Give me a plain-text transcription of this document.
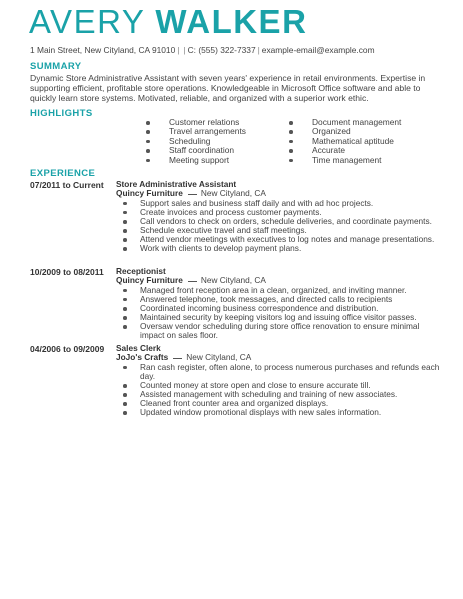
AVERY WALKER
1 Main Street, New Cityland, CA 91010 | | C: (555) 322-7337 | example-email@example.com
SUMMARY
Dynamic Store Administrative Assistant with seven years' experience in retail environments. Expertise in supporting efficient, profitable store operations. Knowledgeable in Microsoft Office software and able to quickly learn store systems. Motivated, reliable, and organized with a superior work ethic.
HIGHLIGHTS
Customer relations
Travel arrangements
Scheduling
Staff coordination
Meeting support
Document management
Organized
Mathematical aptitude
Accurate
Time management
EXPERIENCE
07/2011 to Current Store Administrative Assistant
Quincy Furniture New Cityland, CA
Support sales and business staff daily and with ad hoc projects.
Create invoices and process customer payments.
Call vendors to check on orders, schedule deliveries, and coordinate payments.
Schedule executive travel and staff meetings.
Attend vendor meetings with executives to log notes and manage presentations.
Work with clients to develop payment plans.
10/2009 to 08/2011 Receptionist
Quincy Furniture New Cityland, CA
Managed front reception area in a clean, organized, and inviting manner.
Answered telephone, took messages, and directed calls to recipients
Coordinated incoming business correspondence and distribution.
Maintained security by keeping visitors log and issuing office visitor passes.
Oversaw vendor scheduling during store office renovation to ensure minimal impact on sales floor.
04/2006 to 09/2009 Sales Clerk
JoJo's Crafts New Cityland, CA
Ran cash register, often alone, to process numerous purchases and refunds each day.
Counted money at store open and close to ensure accurate till.
Assisted management with scheduling and training of new associates.
Cleaned front counter area and organized displays.
Updated window promotional displays with new sales information.
